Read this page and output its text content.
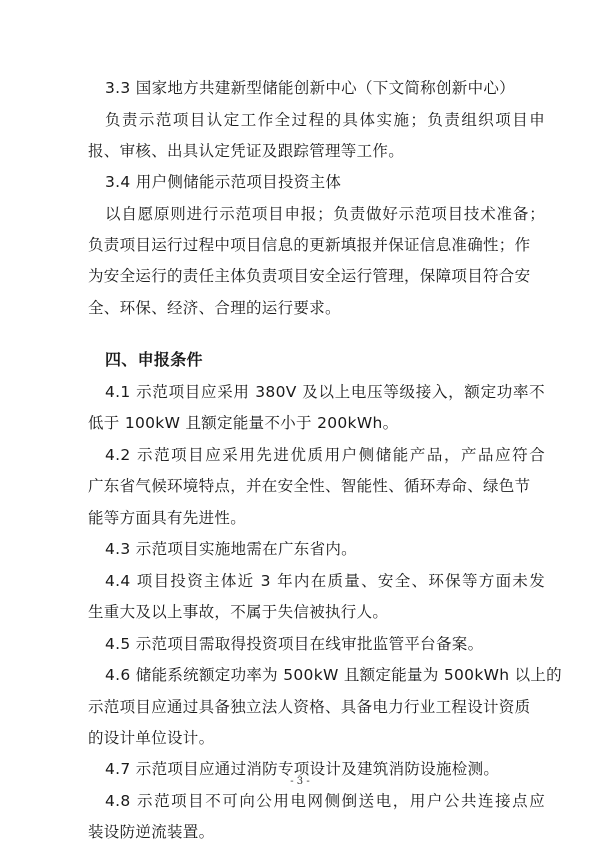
3.3 国家地方共建新型储能创新中心（下文简称创新中心）
负责示范项目认定工作全过程的具体实施；负责组织项目申
报、审核、出具认定凭证及跟踪管理等工作。
3.4 用户侧储能示范项目投资主体
以自愿原则进行示范项目申报；负责做好示范项目技术准备；
负责项目运行过程中项目信息的更新填报并保证信息准确性；作
为安全运行的责任主体负责项目安全运行管理，保障项目符合安
全、环保、经济、合理的运行要求。
四、申报条件
4.1 示范项目应采用 380V 及以上电压等级接入，额定功率不
低于 100kW 且额定能量不小于 200kWh。
4.2 示范项目应采用先进优质用户侧储能产品，产品应符合
广东省气候环境特点，并在安全性、智能性、循环寿命、绿色节
能等方面具有先进性。
4.3 示范项目实施地需在广东省内。
4.4 项目投资主体近 3 年内在质量、安全、环保等方面未发
生重大及以上事故，不属于失信被执行人。
4.5 示范项目需取得投资项目在线审批监管平台备案。
4.6 储能系统额定功率为 500kW 且额定能量为 500kWh 以上的
示范项目应通过具备独立法人资格、具备电力行业工程设计资质
的设计单位设计。
4.7 示范项目应通过消防专项设计及建筑消防设施检测。
4.8 示范项目不可向公用电网侧倒送电，用户公共连接点应
装设防逆流装置。
- 3 -
